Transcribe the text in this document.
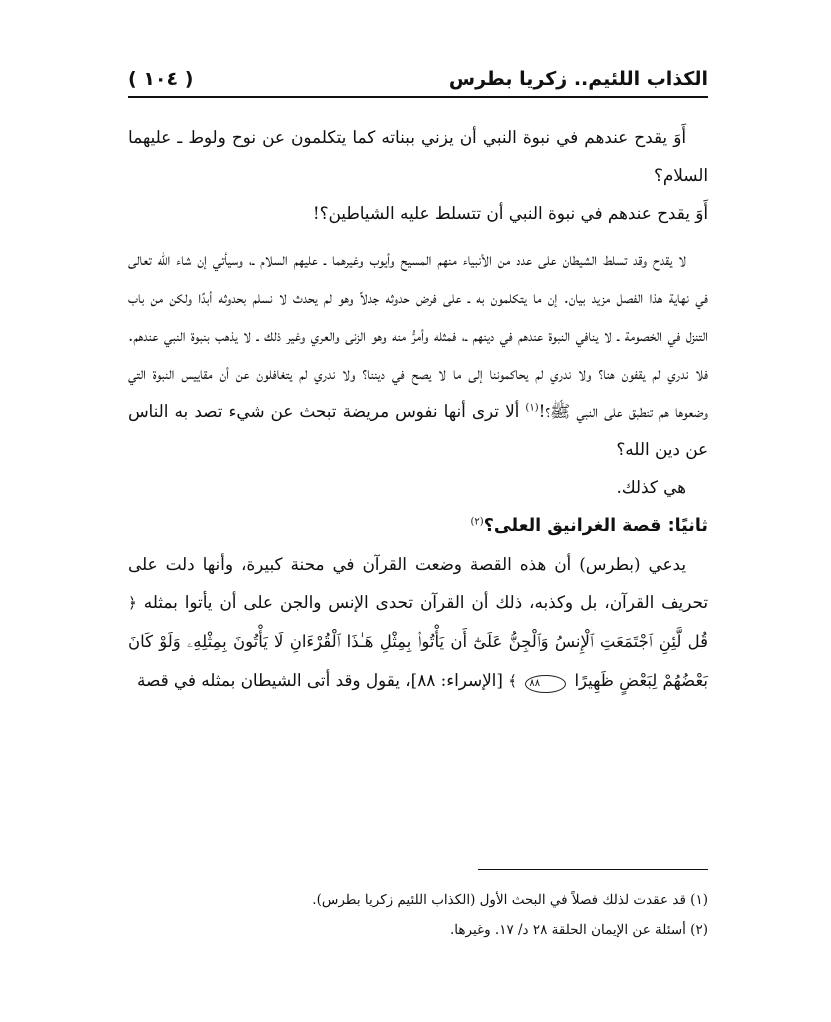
الكذاب اللئيم.. زكريا بطرس
( ١٠٤ )

أَوَ يقدح عندهم في نبوة النبي أن يزني ببناته كما يتكلمون عن نوح ولوط ـ عليهما السلام؟

أَوَ يقدح عندهم في نبوة النبي أن تتسلط عليه الشياطين؟!

لا يقدح وقد تسلط الشيطان على عدد من الأنبياء منهم المسيح وأيوب وغيرهما ـ عليهم السلام ـ، وسيأتي إن شاء الله تعالى في نهاية هذا الفصل مزيد بيان. إن ما يتكلمون به ـ على فرض حدوثه جدلاً وهو لم يحدث لا نسلم بحدوثه أبدًا ولكن من باب التنزل في الخصومة ـ لا ينافي النبوة عندهم في دينهم ـ، فمثله وأمرُّ منه وهو الزنى والعري وغير ذلك ـ لا يذهب بنبوة النبي عندهم. فلا ندري لم يقفون هنا؟ ولا ندري لم يحاكموننا إلى ما لا يصح في ديننا؟ ولا ندري لم يتغافلون عن أن مقاييس النبوة التي وضعوها هم تنطبق على النبي ﷺ؟!$^{(١)}$ ألا ترى أنها نفوس مريضة تبحث عن شيء تصد به الناس عن دين الله؟

هي كذلك.

ثانيًا: قصة الغرانيق العلى؟$^{(٢)}$

يدعي (بطرس) أن هذه القصة وضعت القرآن في محنة كبيرة، وأنها دلت على تحريف القرآن، بل وكذبه، ذلك أن القرآن تحدى الإنس والجن على أن يأتوا بمثله ﴿ قُل لَّئِنِ ٱجْتَمَعَتِ ٱلْإِنسُ وَٱلْجِنُّ عَلَىٰٓ أَن يَأْتُوا۟ بِمِثْلِ هَـٰذَا ٱلْقُرْءَانِ لَا يَأْتُونَ بِمِثْلِهِۦ وَلَوْ كَانَ بَعْضُهُمْ لِبَعْضٍ ظَهِيرًا ٨٨ ﴾ [الإسراء: ٨٨]، يقول وقد أتى الشيطان بمثله في قصة

(١) قد عقدت لذلك فصلاً في البحث الأول (الكذاب اللئيم زكريا بطرس).

(٢) أسئلة عن الإيمان الحلقة ٢٨ د/ ١٧. وغيرها.
